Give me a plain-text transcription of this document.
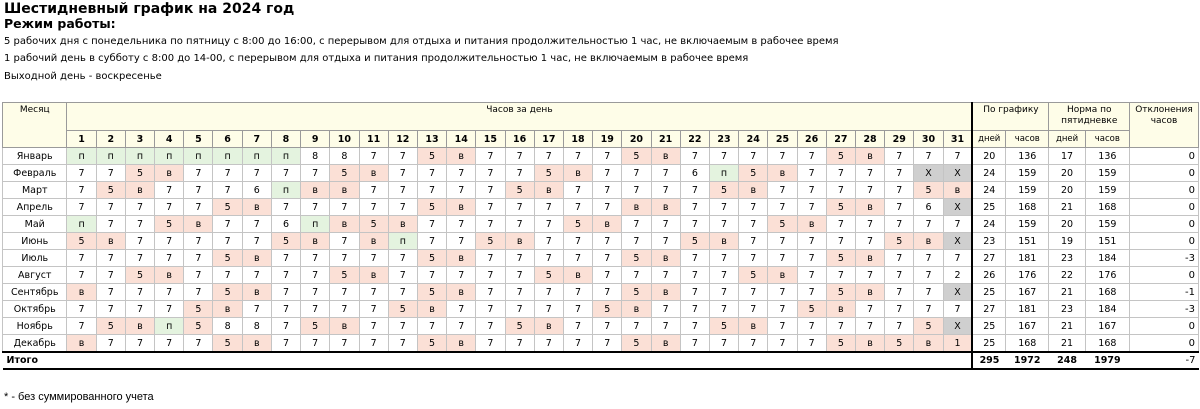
Шестидневный график на 2024 год
Режим работы:
5 рабочих дня с понедельника по пятницу с 8:00 до 16:00, с перерывом для отдыха и питания продолжительностью 1 час, не включаемым в рабочее время
1 рабочий день в субботу с 8:00 до 14-00, с перерывом для отдыха и питания продолжительностью 1 час, не включаемым в рабочее время
Выходной день - воскресенье
Месяц	Часов за день																															По графику		Норма по пятидневке		Отклонения часов
	1	2	3	4	5	6	7	8	9	10	11	12	13	14	15	16	17	18	19	20	21	22	23	24	25	26	27	28	29	30	31	дней	часов	дней	часов	
Январь	п	п	п	п	п	п	п	п	8	8	7	7	5	в	7	7	7	7	7	5	в	7	7	7	7	7	5	в	7	7	7	20	136	17	136	0
Февраль	7	7	5	в	7	7	7	7	7	5	в	7	7	7	7	7	5	в	7	7	7	6	п	5	в	7	7	7	7	X	X	24	159	20	159	0
Март	7	5	в	7	7	7	6	п	в	в	7	7	7	7	7	5	в	7	7	7	7	7	5	в	7	7	7	7	7	5	в	24	159	20	159	0
Апрель	7	7	7	7	7	5	в	7	7	7	7	7	5	в	7	7	7	7	7	в	в	7	7	7	7	7	5	в	7	6	X	25	168	21	168	0
Май	п	7	7	5	в	7	7	6	п	в	5	в	7	7	7	7	7	5	в	7	7	7	7	7	5	в	7	7	7	7	7	24	159	20	159	0
Июнь	5	в	7	7	7	7	7	5	в	7	в	п	7	7	5	в	7	7	7	7	7	5	в	7	7	7	7	7	5	в	X	23	151	19	151	0
Июль	7	7	7	7	7	5	в	7	7	7	7	7	5	в	7	7	7	7	7	5	в	7	7	7	7	7	5	в	7	7	7	27	181	23	184	-3
Август	7	7	5	в	7	7	7	7	7	5	в	7	7	7	7	7	5	в	7	7	7	7	7	5	в	7	7	7	7	7	2	26	176	22	176	0
Сентябрь	в	7	7	7	7	5	в	7	7	7	7	7	5	в	7	7	7	7	7	5	в	7	7	7	7	7	5	в	7	7	X	25	167	21	168	-1
Октябрь	7	7	7	7	5	в	7	7	7	7	7	5	в	7	7	7	7	7	5	в	7	7	7	7	7	5	в	7	7	7	7	27	181	23	184	-3
Ноябрь	7	5	в	п	5	8	8	7	5	в	7	7	7	7	7	5	в	7	7	7	7	7	5	в	7	7	7	7	7	5	X	25	167	21	167	0
Декабрь	в	7	7	7	7	5	в	7	7	7	7	7	5	в	7	7	7	7	7	5	в	7	7	7	7	7	5	в	5	в	1	25	168	21	168	0
Итого																																295	1972	248	1979	-7
* - без суммированного учета
